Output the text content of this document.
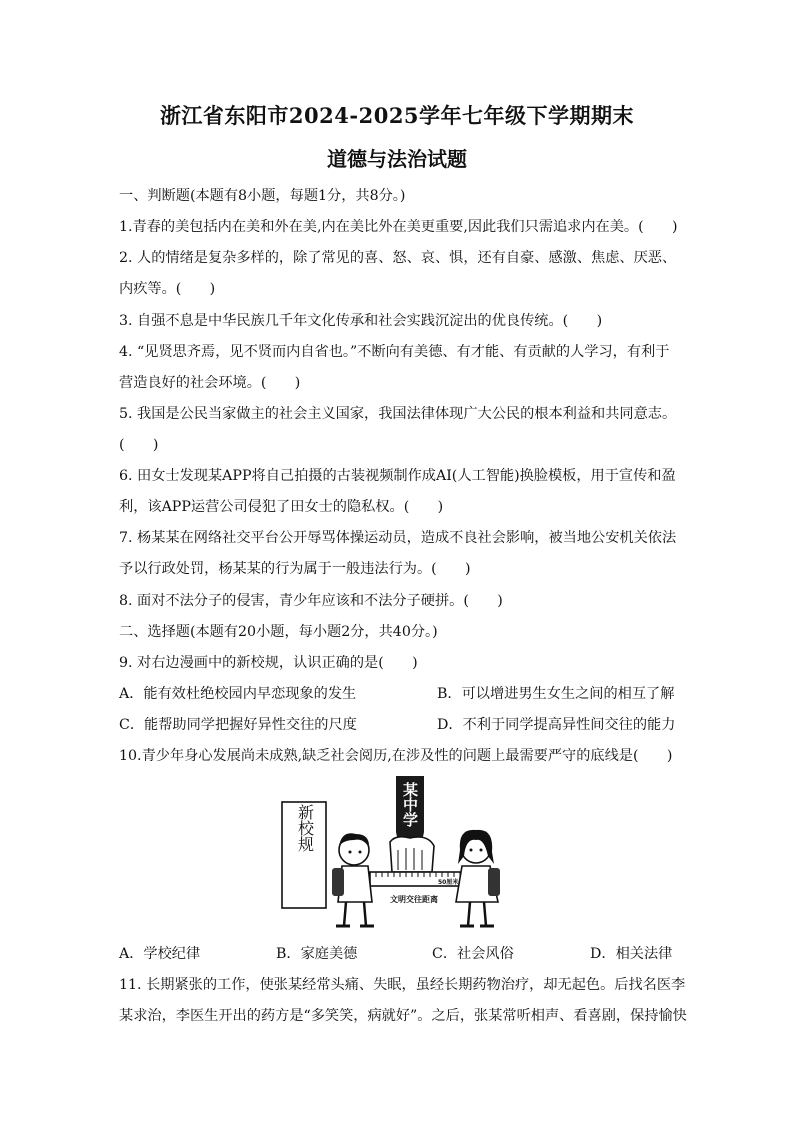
浙江省东阳市2024-2025学年七年级下学期期末
道德与法治试题
一、判断题(本题有8小题，每题1分，共8分。)
1.青春的美包括内在美和外在美,内在美比外在美更重要,因此我们只需追求内在美。(　　)
2. 人的情绪是复杂多样的，除了常见的喜、怒、哀、惧，还有自豪、感激、焦虑、厌恶、
内疚等。(　　)
3. 自强不息是中华民族几千年文化传承和社会实践沉淀出的优良传统。(　　)
4. “见贤思齐焉，见不贤而内自省也。”不断向有美德、有才能、有贡献的人学习，有利于
营造良好的社会环境。(　　)
5. 我国是公民当家做主的社会主义国家，我国法律体现广大公民的根本利益和共同意志。
(　　)
6. 田女士发现某APP将自己拍摄的古装视频制作成AI(人工智能)换脸模板，用于宣传和盈
利，该APP运营公司侵犯了田女士的隐私权。(　　)
7. 杨某某在网络社交平台公开辱骂体操运动员，造成不良社会影响，被当地公安机关依法
予以行政处罚，杨某某的行为属于一般违法行为。(　　)
8. 面对不法分子的侵害，青少年应该和不法分子硬拼。(　　)
二、选择题(本题有20小题，每小题2分，共40分。)
9. 对右边漫画中的新校规，认识正确的是(　　)
A．能有效杜绝校园内早恋现象的发生	B．可以增进男生女生之间的相互了解
C．能帮助同学把握好异性交往的尺度	D．不利于同学提高异性间交往的能力
10.青少年身心发展尚未成熟,缺乏社会阅历,在涉及性的问题上最需要严守的底线是(　　)
新校规	某中学
50厘米
文明交往距离
A．学校纪律	B．家庭美德	C．社会风俗	D．相关法律
11. 长期紧张的工作，使张某经常头痛、失眠，虽经长期药物治疗，却无起色。后找名医李
某求治，李医生开出的药方是“多笑笑，病就好”。之后，张某常听相声、看喜剧，保持愉快
